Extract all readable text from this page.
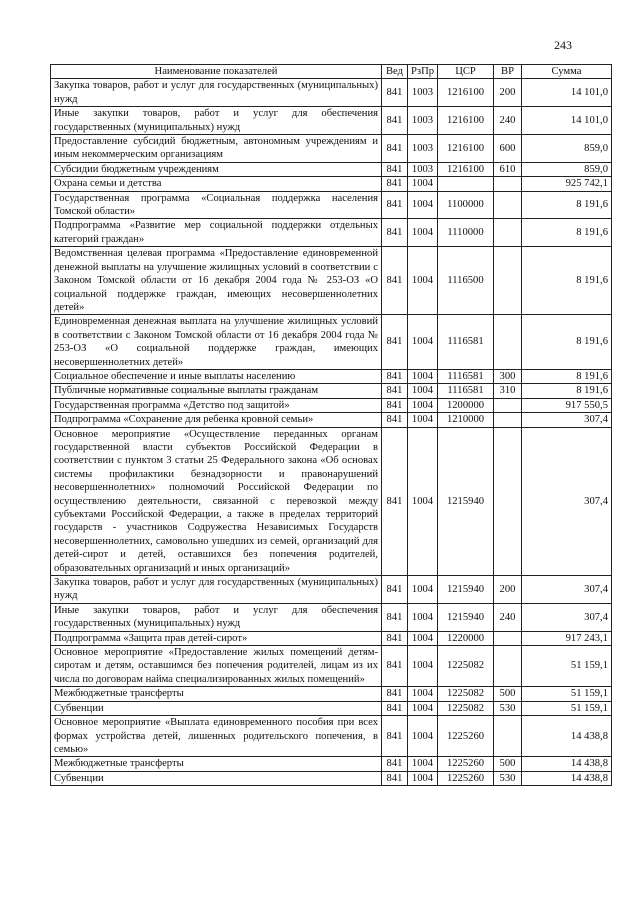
243
Наименование показателей	Вед	РзПр	ЦСР	ВР	Сумма
Закупка товаров, работ и услуг для государственных (муниципальных) нужд	841	1003	1216100	200	14 101,0
Иные закупки товаров, работ и услуг для обеспечения государственных (муниципальных) нужд	841	1003	1216100	240	14 101,0
Предоставление субсидий бюджетным, автономным учреждениям и иным некоммерческим организациям	841	1003	1216100	600	859,0
Субсидии бюджетным учреждениям	841	1003	1216100	610	859,0
Охрана семьи и детства	841	1004			925 742,1
Государственная программа «Социальная поддержка населения Томской области»	841	1004	1100000		8 191,6
Подпрограмма «Развитие мер социальной поддержки отдельных категорий граждан»	841	1004	1110000		8 191,6
Ведомственная целевая программа «Предоставление единовременной денежной выплаты на улучшение жилищных условий в соответствии с Законом Томской области от 16 декабря 2004 года № 253-ОЗ «О социальной поддержке граждан, имеющих несовершеннолетних детей»	841	1004	1116500		8 191,6
Единовременная денежная выплата на улучшение жилищных условий в соответствии с Законом Томской области от 16 декабря 2004 года № 253-ОЗ «О социальной поддержке граждан, имеющих несовершеннолетних детей»	841	1004	1116581		8 191,6
Социальное обеспечение и иные выплаты населению	841	1004	1116581	300	8 191,6
Публичные нормативные социальные выплаты гражданам	841	1004	1116581	310	8 191,6
Государственная программа «Детство под защитой»	841	1004	1200000		917 550,5
Подпрограмма «Сохранение для ребенка кровной семьи»	841	1004	1210000		307,4
Основное мероприятие «Осуществление переданных органам государственной власти субъектов Российской Федерации в соответствии с пунктом 3 статьи 25 Федерального закона «Об основах системы профилактики безнадзорности и правонарушений несовершеннолетних» полномочий Российской Федерации по осуществлению деятельности, связанной с перевозкой между субъектами Российской Федерации, а также в пределах территорий государств - участников Содружества Независимых Государств несовершеннолетних, самовольно ушедших из семей, организаций для детей-сирот и детей, оставшихся без попечения родителей, образовательных организаций и иных организаций»	841	1004	1215940		307,4
Закупка товаров, работ и услуг для государственных (муниципальных) нужд	841	1004	1215940	200	307,4
Иные закупки товаров, работ и услуг для обеспечения государственных (муниципальных) нужд	841	1004	1215940	240	307,4
Подпрограмма «Защита прав детей-сирот»	841	1004	1220000		917 243,1
Основное мероприятие «Предоставление жилых помещений детям-сиротам и детям, оставшимся без попечения родителей, лицам из их числа по договорам найма специализированных жилых помещений»	841	1004	1225082		51 159,1
Межбюджетные трансферты	841	1004	1225082	500	51 159,1
Субвенции	841	1004	1225082	530	51 159,1
Основное мероприятие «Выплата единовременного пособия при всех формах устройства детей, лишенных родительского попечения, в семью»	841	1004	1225260		14 438,8
Межбюджетные трансферты	841	1004	1225260	500	14 438,8
Субвенции	841	1004	1225260	530	14 438,8
